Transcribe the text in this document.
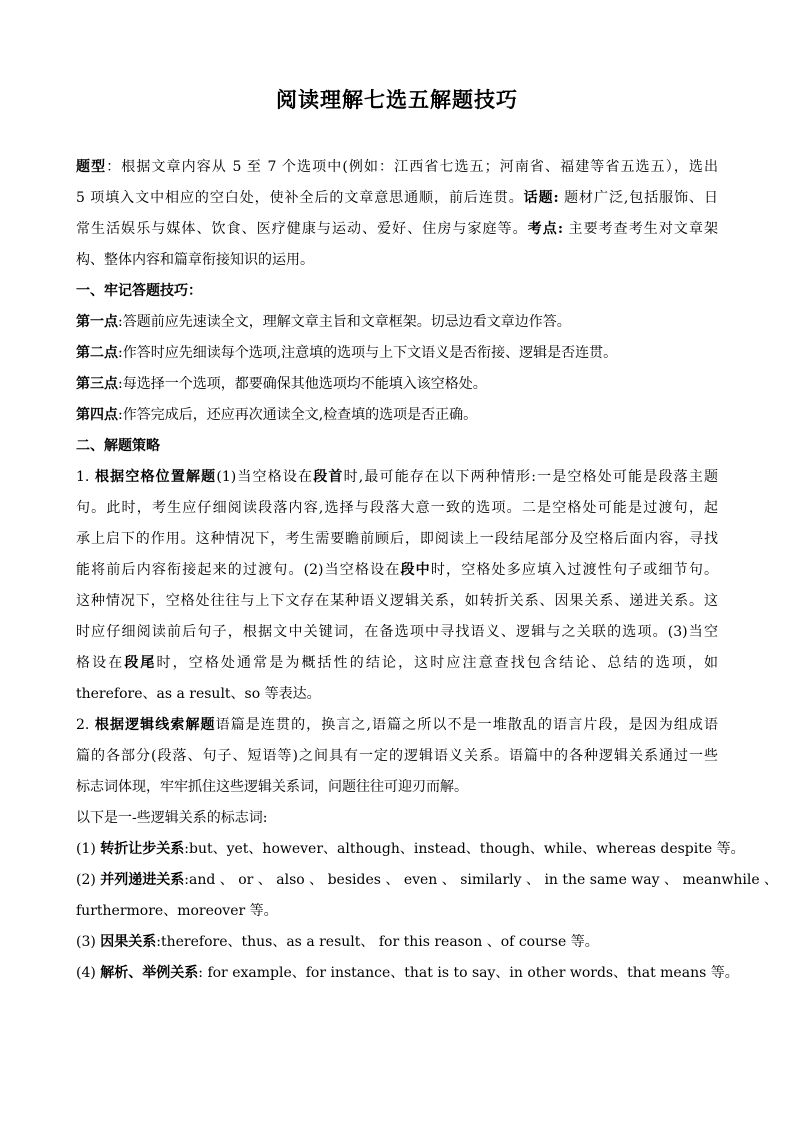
阅读理解七选五解题技巧
题型：根据文章内容从 5 至 7 个选项中(例如：江西省七选五；河南省、福建等省五选五），选出
5 项填入文中相应的空白处，使补全后的文章意思通顺，前后连贯。话题: 题材广泛,包括服饰、日
常生活娱乐与媒体、饮食、医疗健康与运动、爱好、住房与家庭等。考点: 主要考查考生对文章架
构、整体内容和篇章衔接知识的运用。
一、牢记答题技巧：
第一点:答题前应先速读全文，理解文章主旨和文章框架。切忌边看文章边作答。
第二点:作答时应先细读每个选项,注意填的选项与上下文语义是否衔接、逻辑是否连贯。
第三点:每选择一个选项，都要确保其他选项均不能填入该空格处。
第四点:作答完成后，还应再次通读全文,检查填的选项是否正确。
二、解题策略
1. 根据空格位置解题(1)当空格设在段首时,最可能存在以下两种情形:一是空格处可能是段落主题
句。此时，考生应仔细阅读段落内容,选择与段落大意一致的选项。二是空格处可能是过渡句，起
承上启下的作用。这种情况下，考生需要瞻前顾后，即阅读上一段结尾部分及空格后面内容，寻找
能将前后内容衔接起来的过渡句。(2)当空格设在段中时，空格处多应填入过渡性句子或细节句。
这种情况下，空格处往往与上下文存在某种语义逻辑关系，如转折关系、因果关系、递进关系。这
时应仔细阅读前后句子，根据文中关键词，在备选项中寻找语义、逻辑与之关联的选项。(3)当空
格设在段尾时，空格处通常是为概括性的结论，这时应注意查找包含结论、总结的选项，如
therefore、as a result、so 等表达。
2. 根据逻辑线索解题语篇是连贯的，换言之,语篇之所以不是一堆散乱的语言片段，是因为组成语
篇的各部分(段落、句子、短语等)之间具有一定的逻辑语义关系。语篇中的各种逻辑关系通过一些
标志词体现，牢牢抓住这些逻辑关系词，问题往往可迎刃而解。
以下是一-些逻辑关系的标志词:
(1) 转折让步关系:but、yet、however、although、instead、though、while、whereas despite 等。
(2) 并列递进关系:and 、 or 、 also 、 besides 、 even 、 similarly 、 in the same way 、 meanwhile 、
furthermore、moreover 等。
(3) 因果关系:therefore、thus、as a result、 for this reason 、of course 等。
(4) 解析、举例关系: for example、for instance、that is to say、in other words、that means 等。
